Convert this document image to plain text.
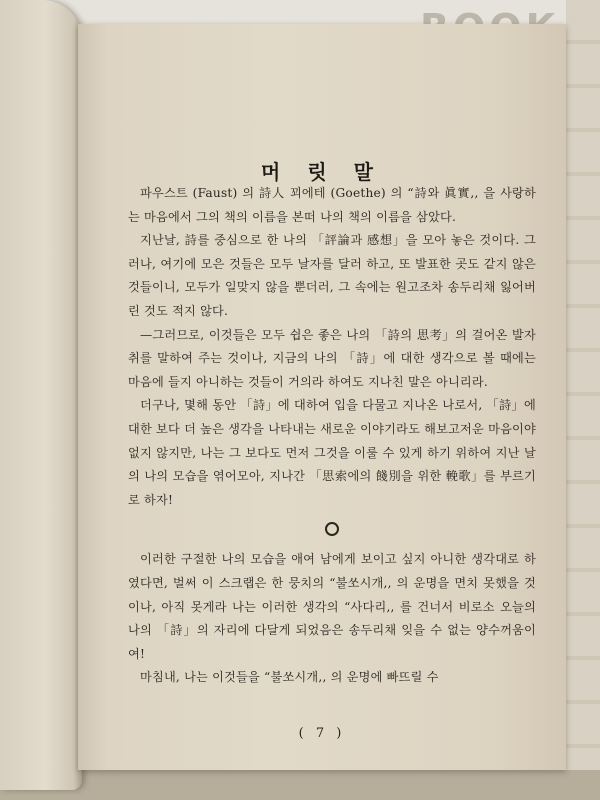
머 릿 말

파우스트 (Faust) 의 詩人 꾀에테 (Goethe) 의 “詩와 眞實,, 을 사랑하는 마음에서 그의 책의 이름을 본떠 나의 책의 이름을 삼았다.

지난날, 詩를 중심으로 한 나의 「評論과 感想」을 모아 놓은 것이다. 그러나, 여기에 모은 것들은 모두 날자를 달러 하고, 또 발표한 곳도 같지 않은 것들이니, 모두가 일맞지 않을 뿐더러, 그 속에는 원고조차 송두리채 잃어버린 것도 적지 않다.

—그러므로, 이것들은 모두 쉽은 좋은 나의 「詩의 思考」의 걸어온 발자취를 말하여 주는 것이나, 지금의 나의 「詩」에 대한 생각으로 볼 때에는 마음에 들지 아니하는 것들이 거의라 하여도 지나친 말은 아니리라.

더구나, 몇해 동안 「詩」에 대하여 입을 다물고 지나온 나로서, 「詩」에 대한 보다 더 높은 생각을 나타내는 새로운 이야기라도 해보고저운 마음이야 없지 않지만, 나는 그 보다도 먼저 그것을 이룰 수 있게 하기 위하여 지난 날의 나의 모습을 엮어모아, 지나간 「思索에의 餞別을 위한 輓歌」를 부르기로 하자!

이러한 구절한 나의 모습을 애여 남에게 보이고 싶지 아니한 생각대로 하였다면, 벌써 이 스크랩은 한 뭉치의 “불쏘시개,, 의 운명을 면치 못했을 것이나, 아직 못게라 나는 이러한 생각의 “사다리,, 를 건너서 비로소 오늘의 나의 「詩」의 자리에 다달게 되었음은 송두리채 잊을 수 없는 양수꺼움이여!

마침내, 나는 이것들을 “불쏘시개,, 의 운명에 빠뜨릴 수

( 7 )
